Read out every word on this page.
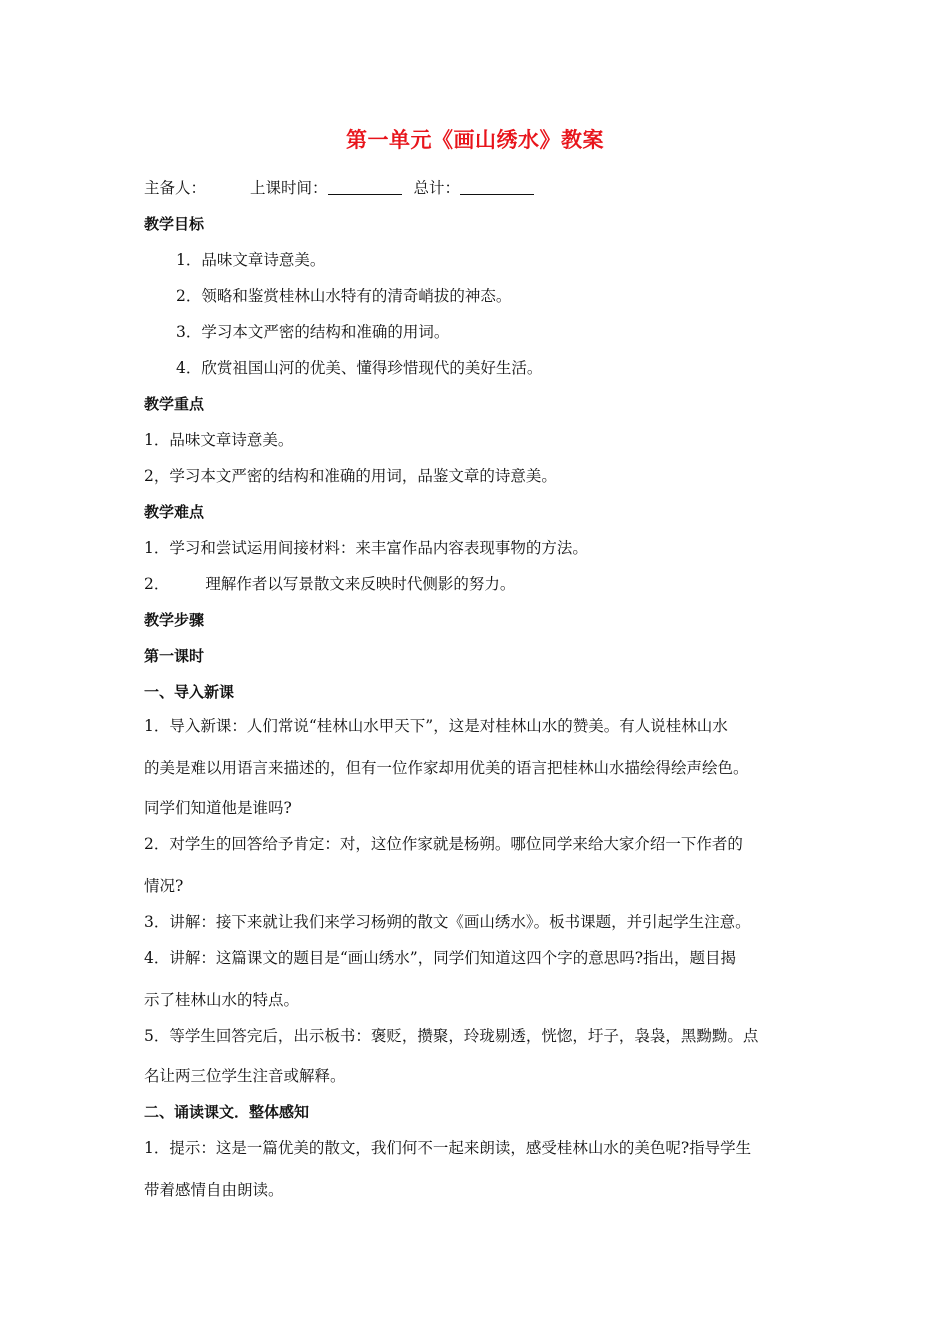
第一单元《画山绣水》教案
主备人：	上课时间：	总计：
教学目标
1．品味文章诗意美。
2．领略和鉴赏桂林山水特有的清奇峭拔的神态。
3．学习本文严密的结构和准确的用词。
4．欣赏祖国山河的优美、懂得珍惜现代的美好生活。
教学重点
1．品味文章诗意美。
2，学习本文严密的结构和准确的用词，品鉴文章的诗意美。
教学难点
1．学习和尝试运用间接材料：来丰富作品内容表现事物的方法。
2． 理解作者以写景散文来反映时代侧影的努力。
教学步骤
第一课时
一、导入新课
1．导入新课：人们常说“桂林山水甲天下”，这是对桂林山水的赞美。有人说桂林山水
的美是难以用语言来描述的，但有一位作家却用优美的语言把桂林山水描绘得绘声绘色。
同学们知道他是谁吗?
2．对学生的回答给予肯定：对，这位作家就是杨朔。哪位同学来给大家介绍一下作者的
情况?
3．讲解：接下来就让我们来学习杨朔的散文《画山绣水》。板书课题，并引起学生注意。
4．讲解：这篇课文的题目是“画山绣水”，同学们知道这四个字的意思吗?指出，题目揭
示了桂林山水的特点。
5．等学生回答完后，出示板书：褒贬，攒聚，玲珑剔透，恍惚，圩子，袅袅，黑黝黝。点
名让两三位学生注音或解释。
二、诵读课文．整体感知
1．提示：这是一篇优美的散文，我们何不一起来朗读，感受桂林山水的美色呢?指导学生
带着感情自由朗读。
